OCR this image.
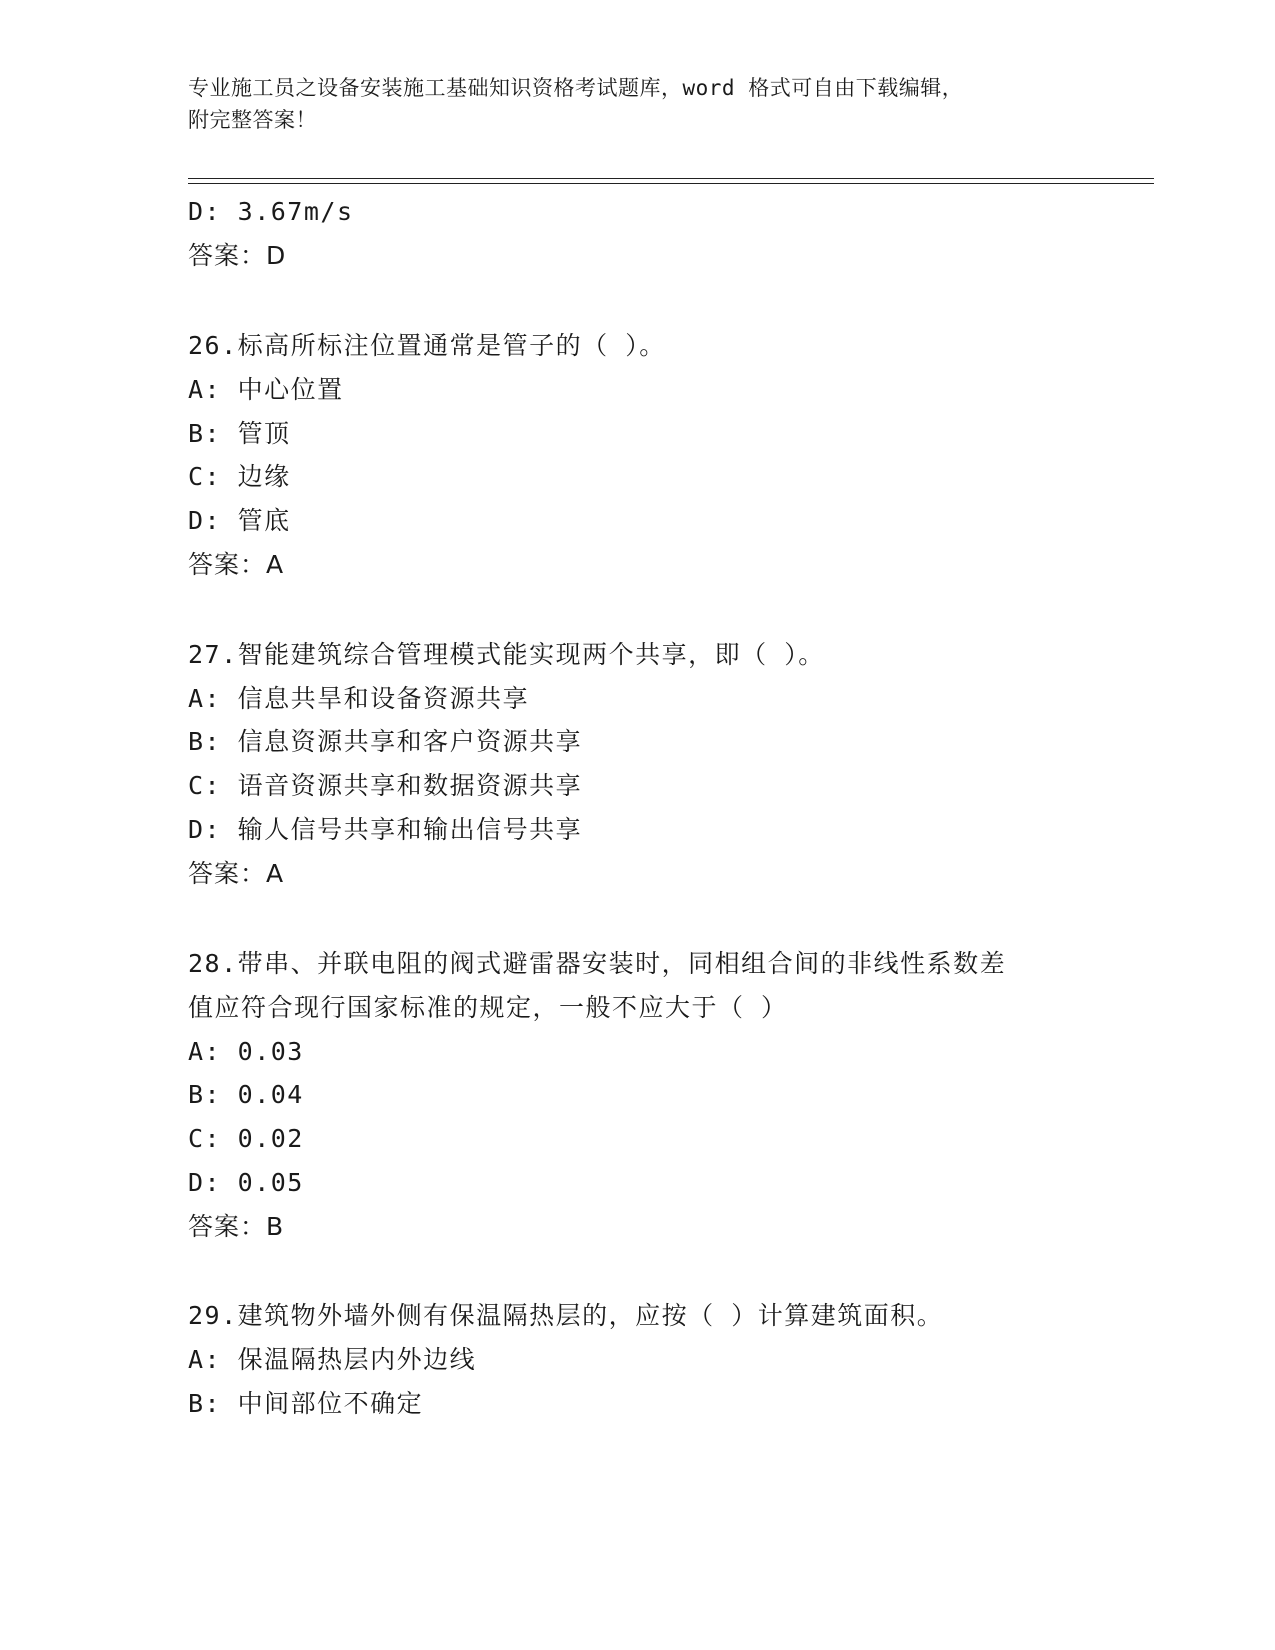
专业施工员之设备安装施工基础知识资格考试题库，word 格式可自由下载编辑，
附完整答案！
D: 3.67m/s
答案：D
26.标高所标注位置通常是管子的（ ）。
A: 中心位置
B: 管顶
C: 边缘
D: 管底
答案：A
27.智能建筑综合管理模式能实现两个共享，即（ ）。
A: 信息共旱和设备资源共享
B: 信息资源共享和客户资源共享
C: 语音资源共享和数据资源共享
D: 输人信号共享和输出信号共享
答案：A
28.带串、并联电阻的阀式避雷器安装时，同相组合间的非线性系数差
值应符合现行国家标准的规定，一般不应大于（ ）
A: 0.03
B: 0.04
C: 0.02
D: 0.05
答案：B
29.建筑物外墙外侧有保温隔热层的，应按（ ）计算建筑面积。
A: 保温隔热层内外边线
B: 中间部位不确定
